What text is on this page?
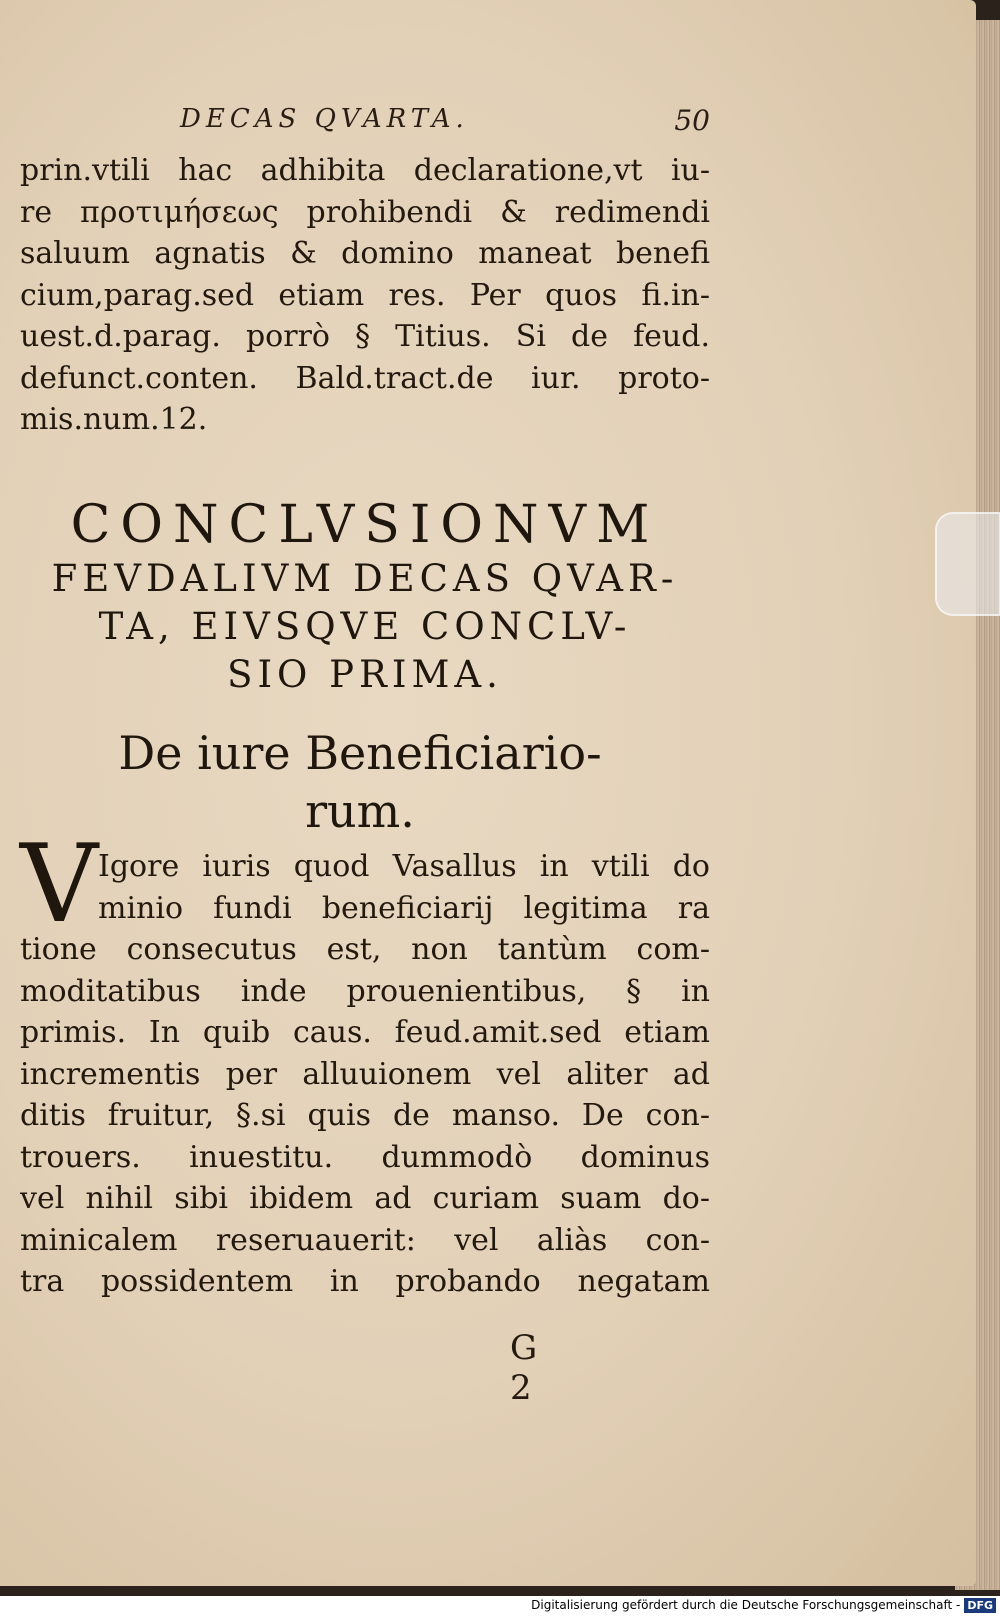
DECAS QVARTA.	50
prin.vtili hac adhibita declaratione,vt iu-
re προτιμήσεως prohibendi & redimendi
saluum agnatis & domino maneat benefi
cium,parag.sed etiam res. Per quos fi.in-
uest.d.parag. porrò § Titius. Si de feud.
defunct.conten. Bald.tract.de iur. proto-
mis.num.12.
CONCLVSIONVM
FEVDALIVM DECAS QVAR-
TA, EIVSQVE CONCLV-
SIO PRIMA.
De iure Beneficiario-
rum.
V Igore iuris quod Vasallus in vtili do
minio fundi beneficiarij legitima ra
tione consecutus est, non tantùm com-
moditatibus inde prouenientibus, § in
primis. In quib caus. feud.amit.sed etiam
incrementis per alluuionem vel aliter ad
ditis fruitur, §.si quis de manso. De con-
trouers. inuestitu. dummodò dominus
vel nihil sibi ibidem ad curiam suam do-
minicalem reseruauerit: vel aliàs con-
tra possidentem in probando negatam
G 2
Digitalisierung gefördert durch die Deutsche Forschungsgemeinschaft - DFG
